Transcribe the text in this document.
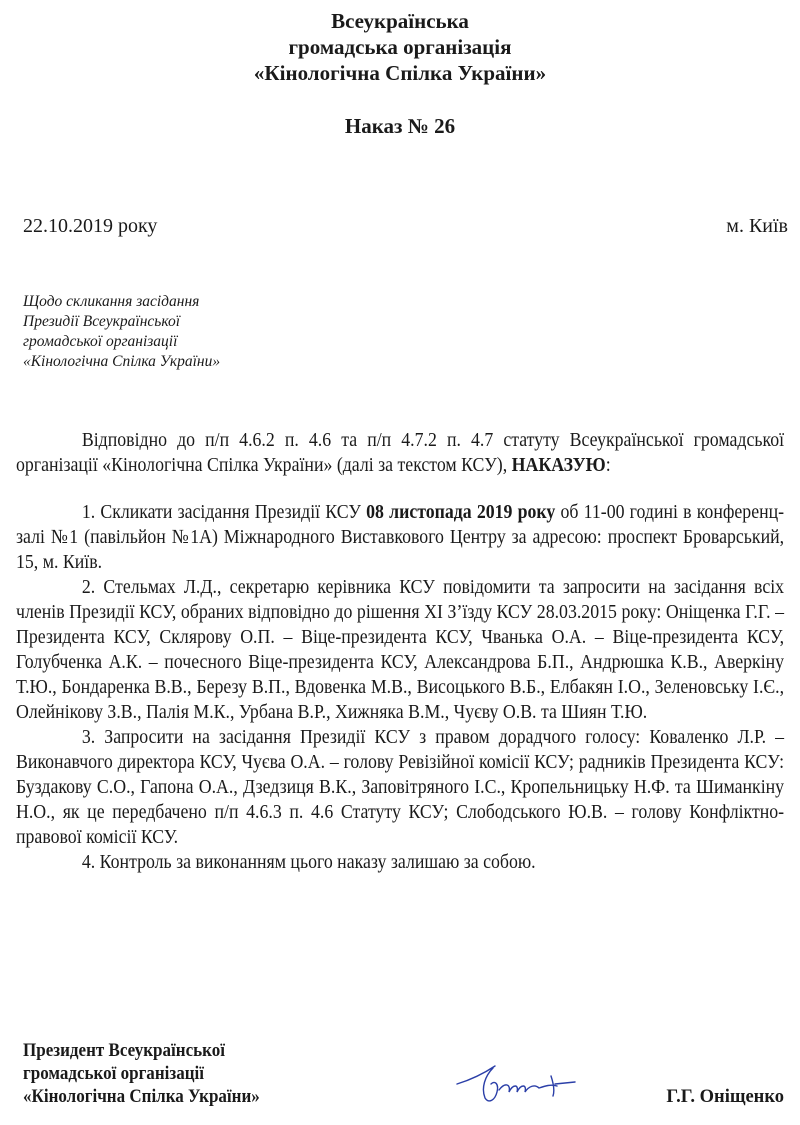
Всеукраїнська
громадська організація
«Кінологічна Спілка України»
Наказ № 26
22.10.2019 року	м. Київ
Щодо скликання засідання
Президії Всеукраїнської
громадської організації
«Кінологічна Спілка України»

Відповідно до п/п 4.6.2 п. 4.6 та п/п 4.7.2 п. 4.7 статуту Всеукраїнської громадської організації «Кінологічна Спілка України» (далі за текстом КСУ), НАКАЗУЮ:

1. Скликати засідання Президії КСУ 08 листопада 2019 року об 11-00 годині в конференц-залі №1 (павільйон №1А) Міжнародного Виставкового Центру за адресою: проспект Броварський, 15, м. Київ.

2. Стельмах Л.Д., секретарю керівника КСУ повідомити та запросити на засідання всіх членів Президії КСУ, обраних відповідно до рішення XI З’їзду КСУ 28.03.2015 року: Оніщенка Г.Г. – Президента КСУ, Склярову О.П. – Віце-президента КСУ, Чванька О.А. – Віце-президента КСУ, Голубченка А.К. – почесного Віце-президента КСУ, Александрова Б.П., Андрюшка К.В., Аверкіну Т.Ю., Бондаренка В.В., Березу В.П., Вдовенка М.В., Висоцького В.Б., Елбакян І.О., Зеленовську І.Є., Олейнікову З.В., Палія М.К., Урбана В.Р., Хижняка В.М., Чуєву О.В. та Шиян Т.Ю.

3. Запросити на засідання Президії КСУ з правом дорадчого голосу: Коваленко Л.Р. – Виконавчого директора КСУ, Чуєва О.А. – голову Ревізійної комісії КСУ; радників Президента КСУ: Буздакову С.О., Гапона О.А., Дзедзиця В.К., Заповітряного І.С., Кропельницьку Н.Ф. та Шиманкіну Н.О., як це передбачено п/п 4.6.3 п. 4.6 Статуту КСУ; Слободського Ю.В. – голову Конфліктно-правової комісії КСУ.

4. Контроль за виконанням цього наказу залишаю за собою.

Президент Всеукраїнської
громадської організації
«Кінологічна Спілка України»	Г.Г. Оніщенко
